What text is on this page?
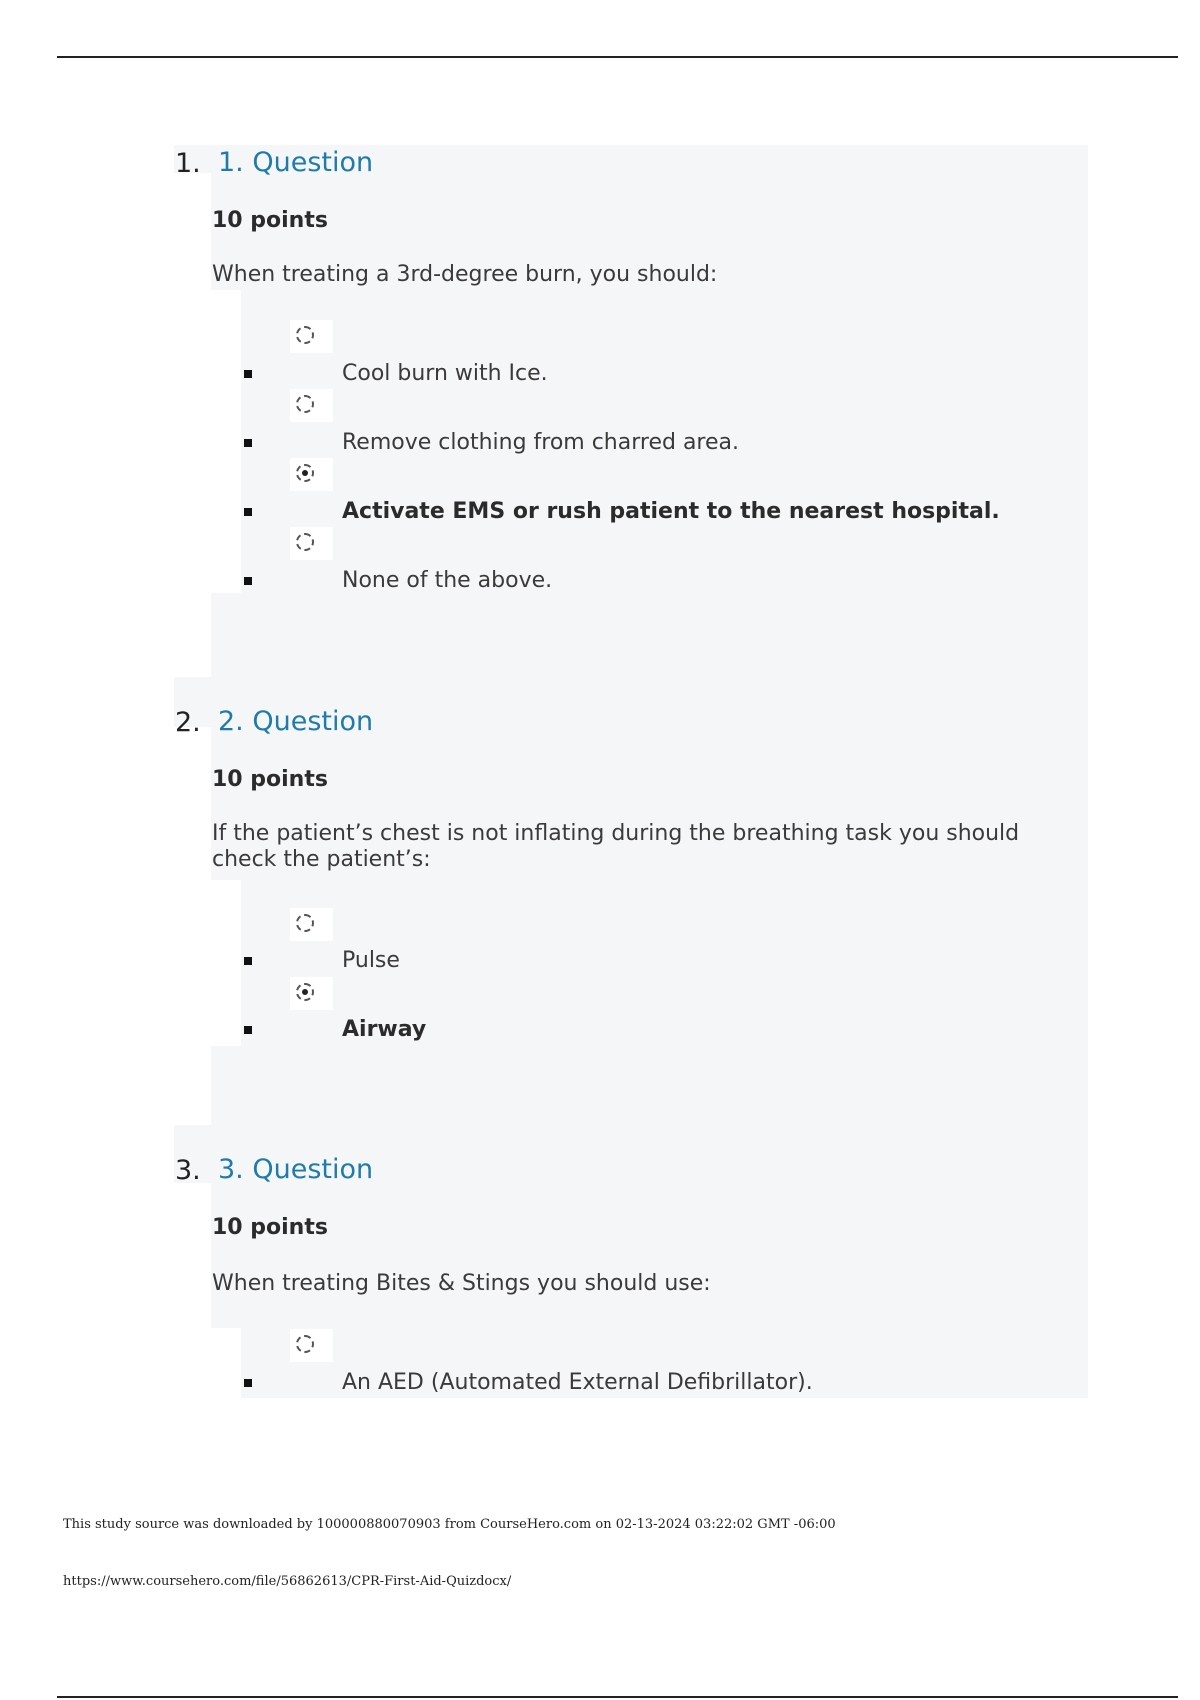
1. 1. Question
10 points
When treating a 3rd-degree burn, you should:
Cool burn with Ice.
Remove clothing from charred area.
Activate EMS or rush patient to the nearest hospital.
None of the above.
2. 2. Question
10 points
If the patient’s chest is not inflating during the breathing task you should check the patient’s:
Pulse
Airway
3. 3. Question
10 points
When treating Bites & Stings you should use:
An AED (Automated External Defibrillator).
This study source was downloaded by 100000880070903 from CourseHero.com on 02-13-2024 03:22:02 GMT -06:00
https://www.coursehero.com/file/56862613/CPR-First-Aid-Quizdocx/
